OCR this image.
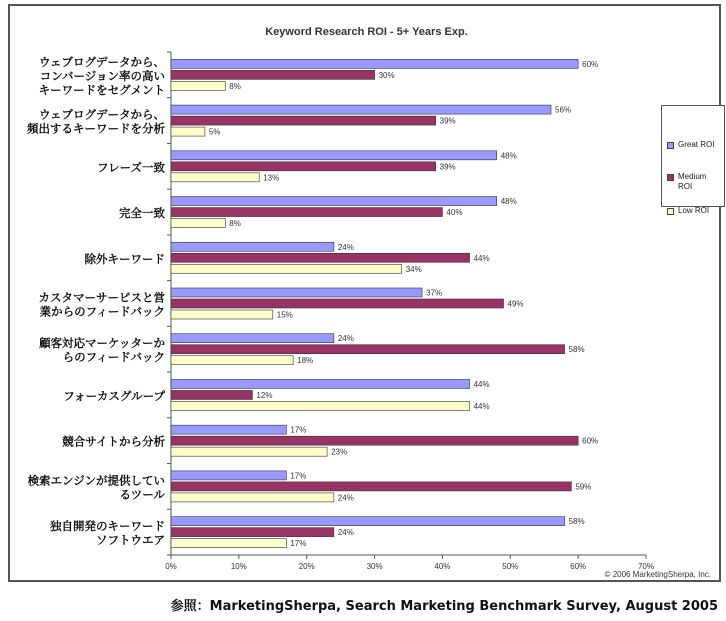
Keyword Research ROI - 5+ Years Exp.
Great ROI
Medium ROI
Low ROI
© 2006 MarketingSherpa, Inc.
0%	10%	20%	30%	40%	50%	60%	70%
60%
30%
8%
ウェブログデータから、コンバージョン率の高いキーワードをセグメント
56%
39%
5%
ウェブログデータから、頻出するキーワードを分析
48%
39%
13%
フレーズ一致
48%
40%
8%
完全一致
24%
44%
34%
除外キーワード
37%
49%
15%
カスタマーサービスと営業からのフィードバック
24%
58%
18%
顧客対応マーケッターからのフィードバック
44%
12%
44%
フォーカスグループ
17%
60%
23%
競合サイトから分析
17%
59%
24%
検索エンジンが提供しているツール
58%
24%
17%
独自開発のキーワードソフトウエア
参照：MarketingSherpa, Search Marketing Benchmark Survey, August 2005
